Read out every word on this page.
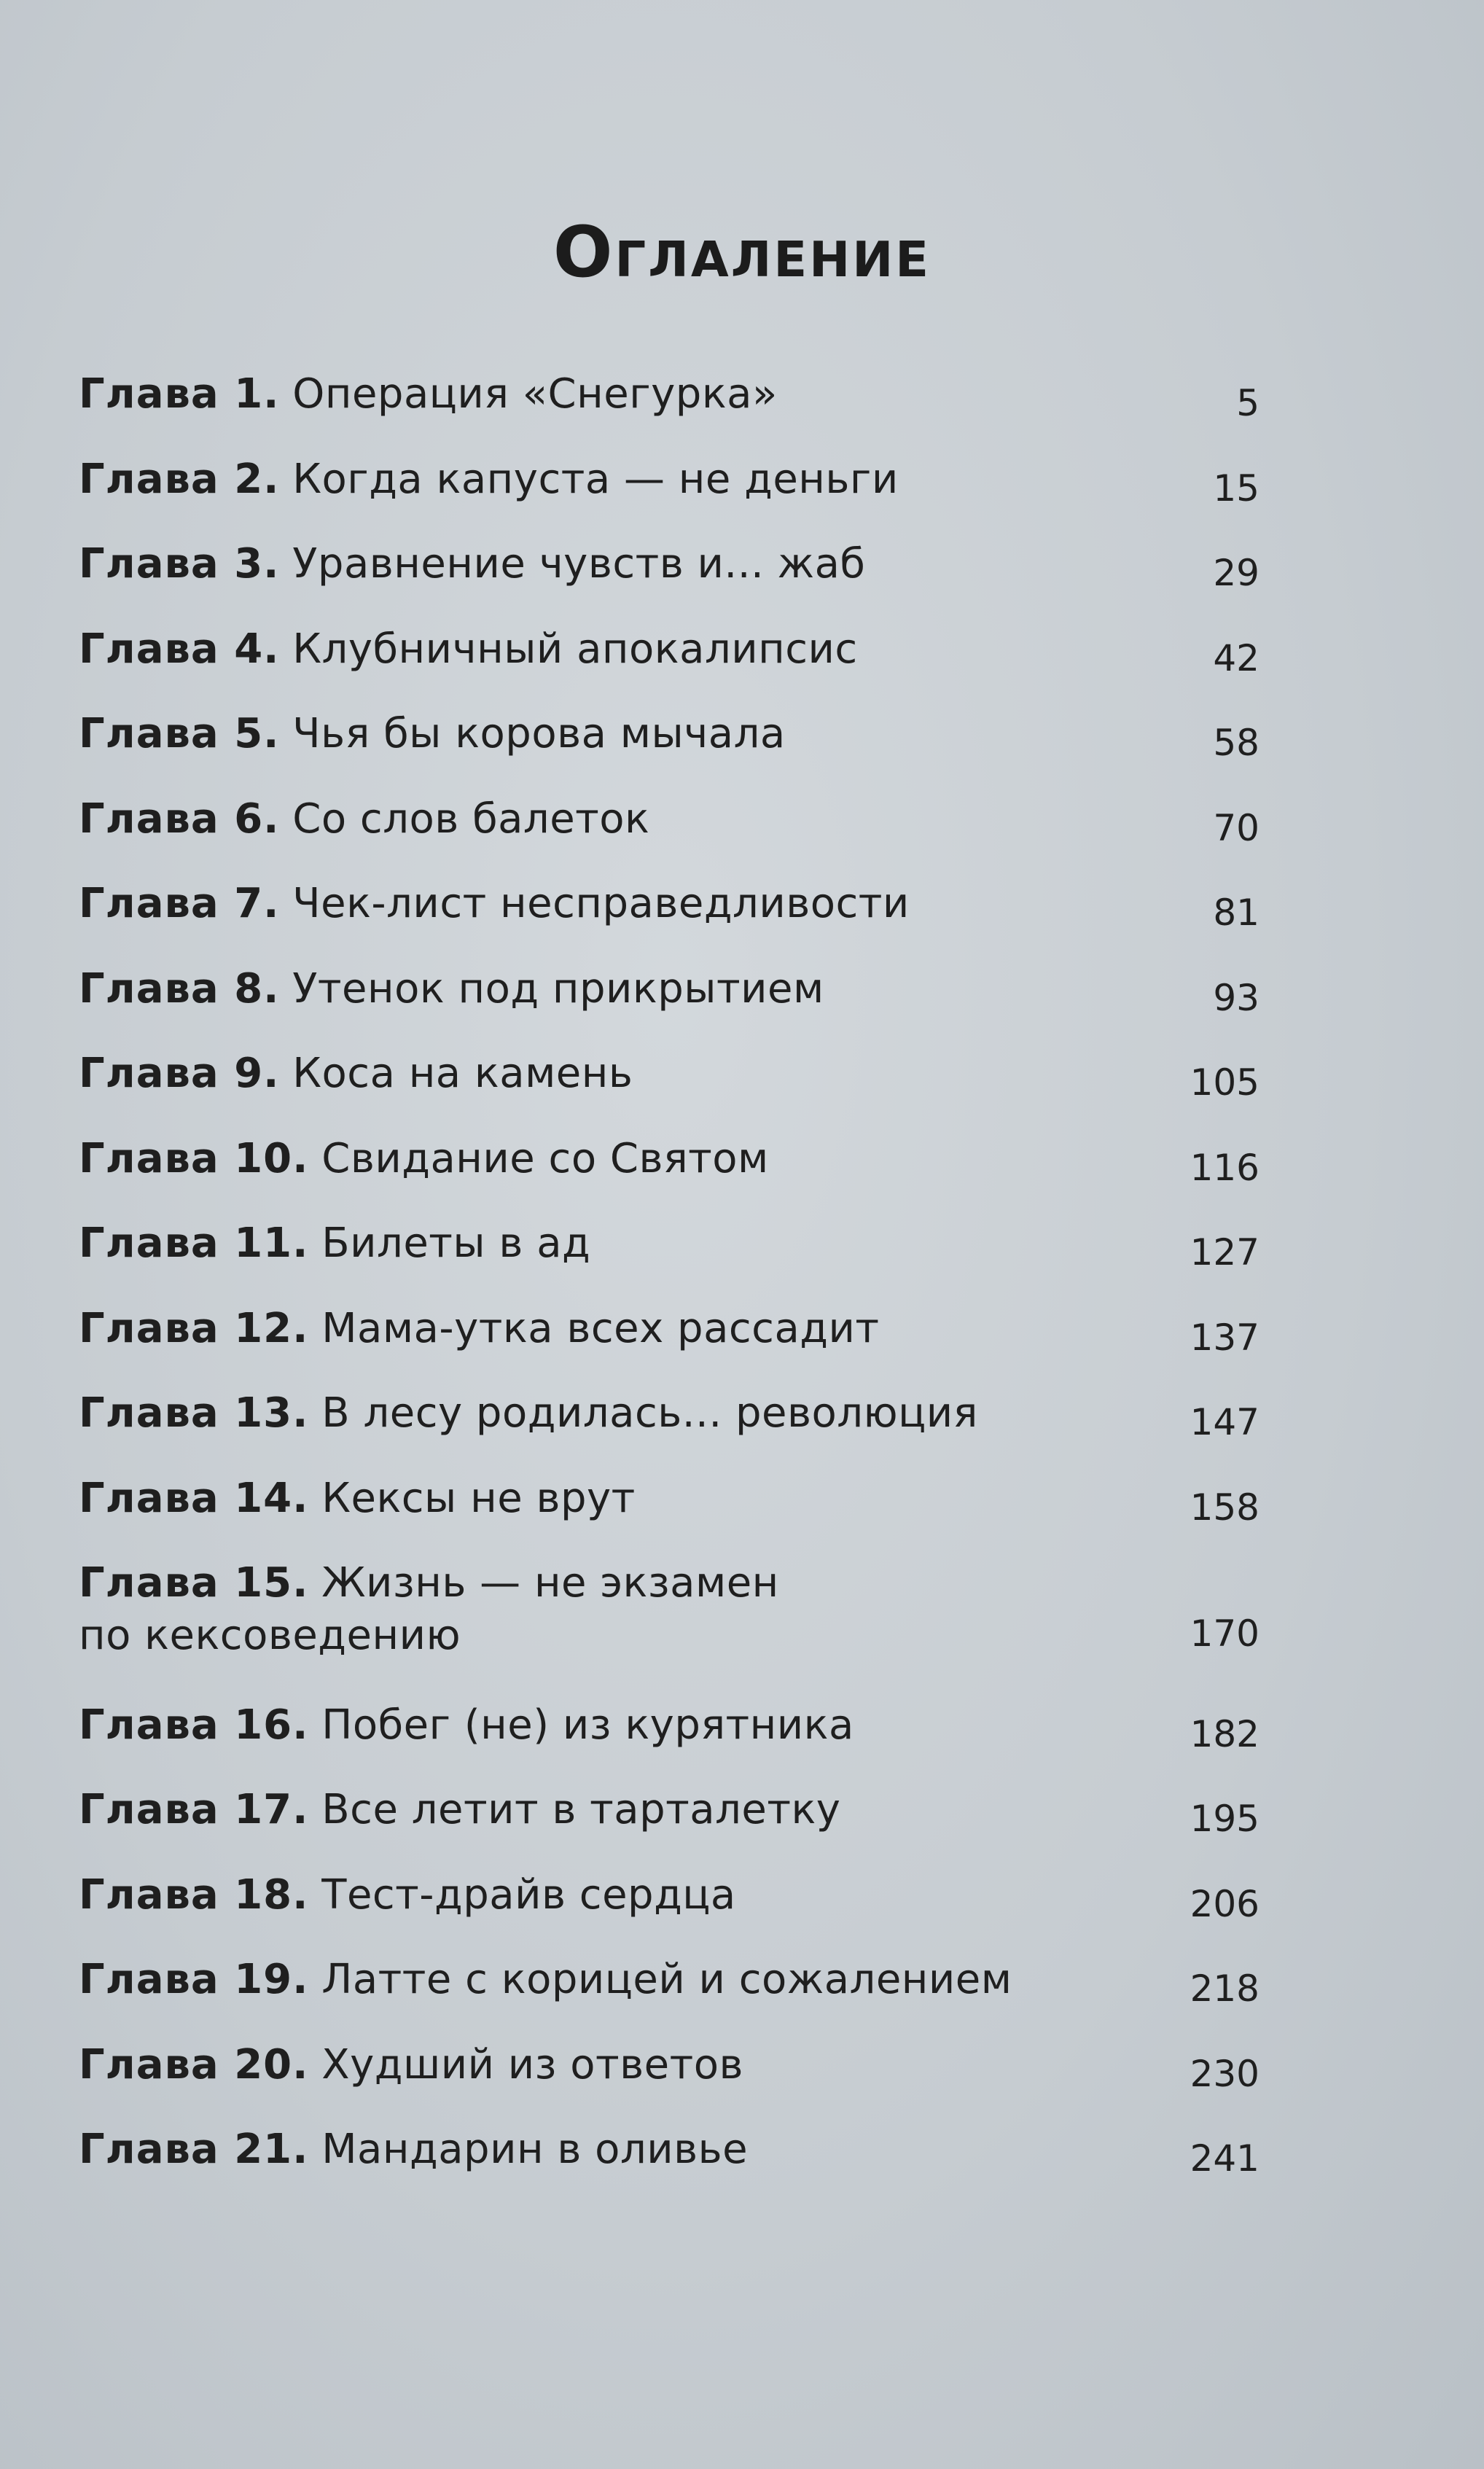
Оглаление
Глава 1. Операция «Снегурка»	5
Глава 2. Когда капуста — не деньги	15
Глава 3. Уравнение чувств и... жаб	29
Глава 4. Клубничный апокалипсис	42
Глава 5. Чья бы корова мычала	58
Глава 6. Со слов балеток	70
Глава 7. Чек-лист несправедливости	81
Глава 8. Утенок под прикрытием	93
Глава 9. Коса на камень	105
Глава 10. Свидание со Святом	116
Глава 11. Билеты в ад	127
Глава 12. Мама-утка всех рассадит	137
Глава 13. В лесу родилась... революция	147
Глава 14. Кексы не врут	158
Глава 15. Жизнь — не экзамен
по кексоведению	170
Глава 16. Побег (не) из курятника	182
Глава 17. Все летит в тарталетку	195
Глава 18. Тест-драйв сердца	206
Глава 19. Латте с корицей и сожалением	218
Глава 20. Худший из ответов	230
Глава 21. Мандарин в оливье	241
